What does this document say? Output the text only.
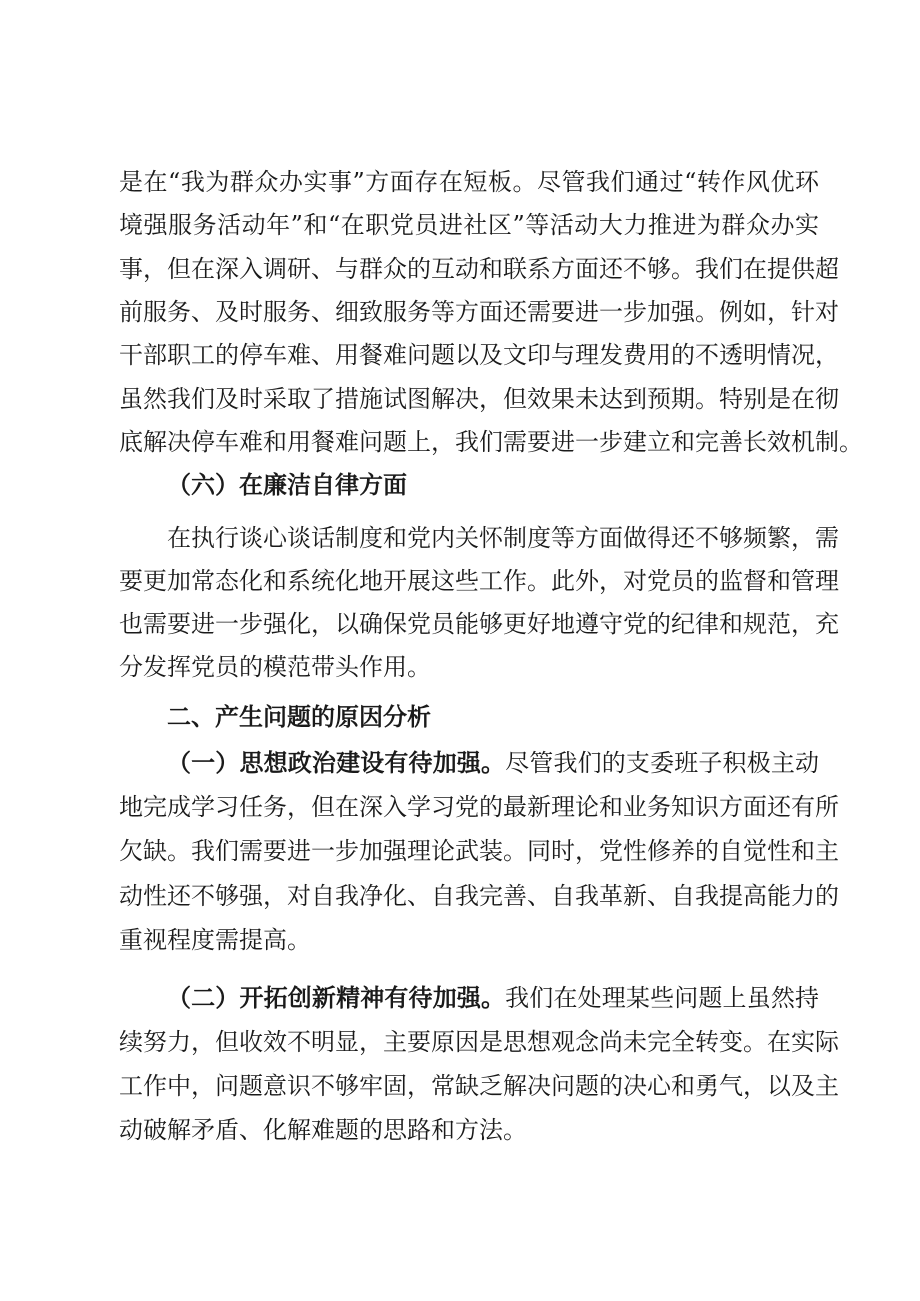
是在“我为群众办实事”方面存在短板。尽管我们通过“转作风优环
境强服务活动年”和“在职党员进社区”等活动大力推进为群众办实
事，但在深入调研、与群众的互动和联系方面还不够。我们在提供超
前服务、及时服务、细致服务等方面还需要进一步加强。例如，针对
干部职工的停车难、用餐难问题以及文印与理发费用的不透明情况，
虽然我们及时采取了措施试图解决，但效果未达到预期。特别是在彻
底解决停车难和用餐难问题上，我们需要进一步建立和完善长效机制。
（六）在廉洁自律方面
在执行谈心谈话制度和党内关怀制度等方面做得还不够频繁，需
要更加常态化和系统化地开展这些工作。此外，对党员的监督和管理
也需要进一步强化，以确保党员能够更好地遵守党的纪律和规范，充
分发挥党员的模范带头作用。
二、产生问题的原因分析
（一）思想政治建设有待加强。尽管我们的支委班子积极主动
地完成学习任务，但在深入学习党的最新理论和业务知识方面还有所
欠缺。我们需要进一步加强理论武装。同时，党性修养的自觉性和主
动性还不够强，对自我净化、自我完善、自我革新、自我提高能力的
重视程度需提高。
（二）开拓创新精神有待加强。我们在处理某些问题上虽然持
续努力，但收效不明显，主要原因是思想观念尚未完全转变。在实际
工作中，问题意识不够牢固，常缺乏解决问题的决心和勇气，以及主
动破解矛盾、化解难题的思路和方法。
